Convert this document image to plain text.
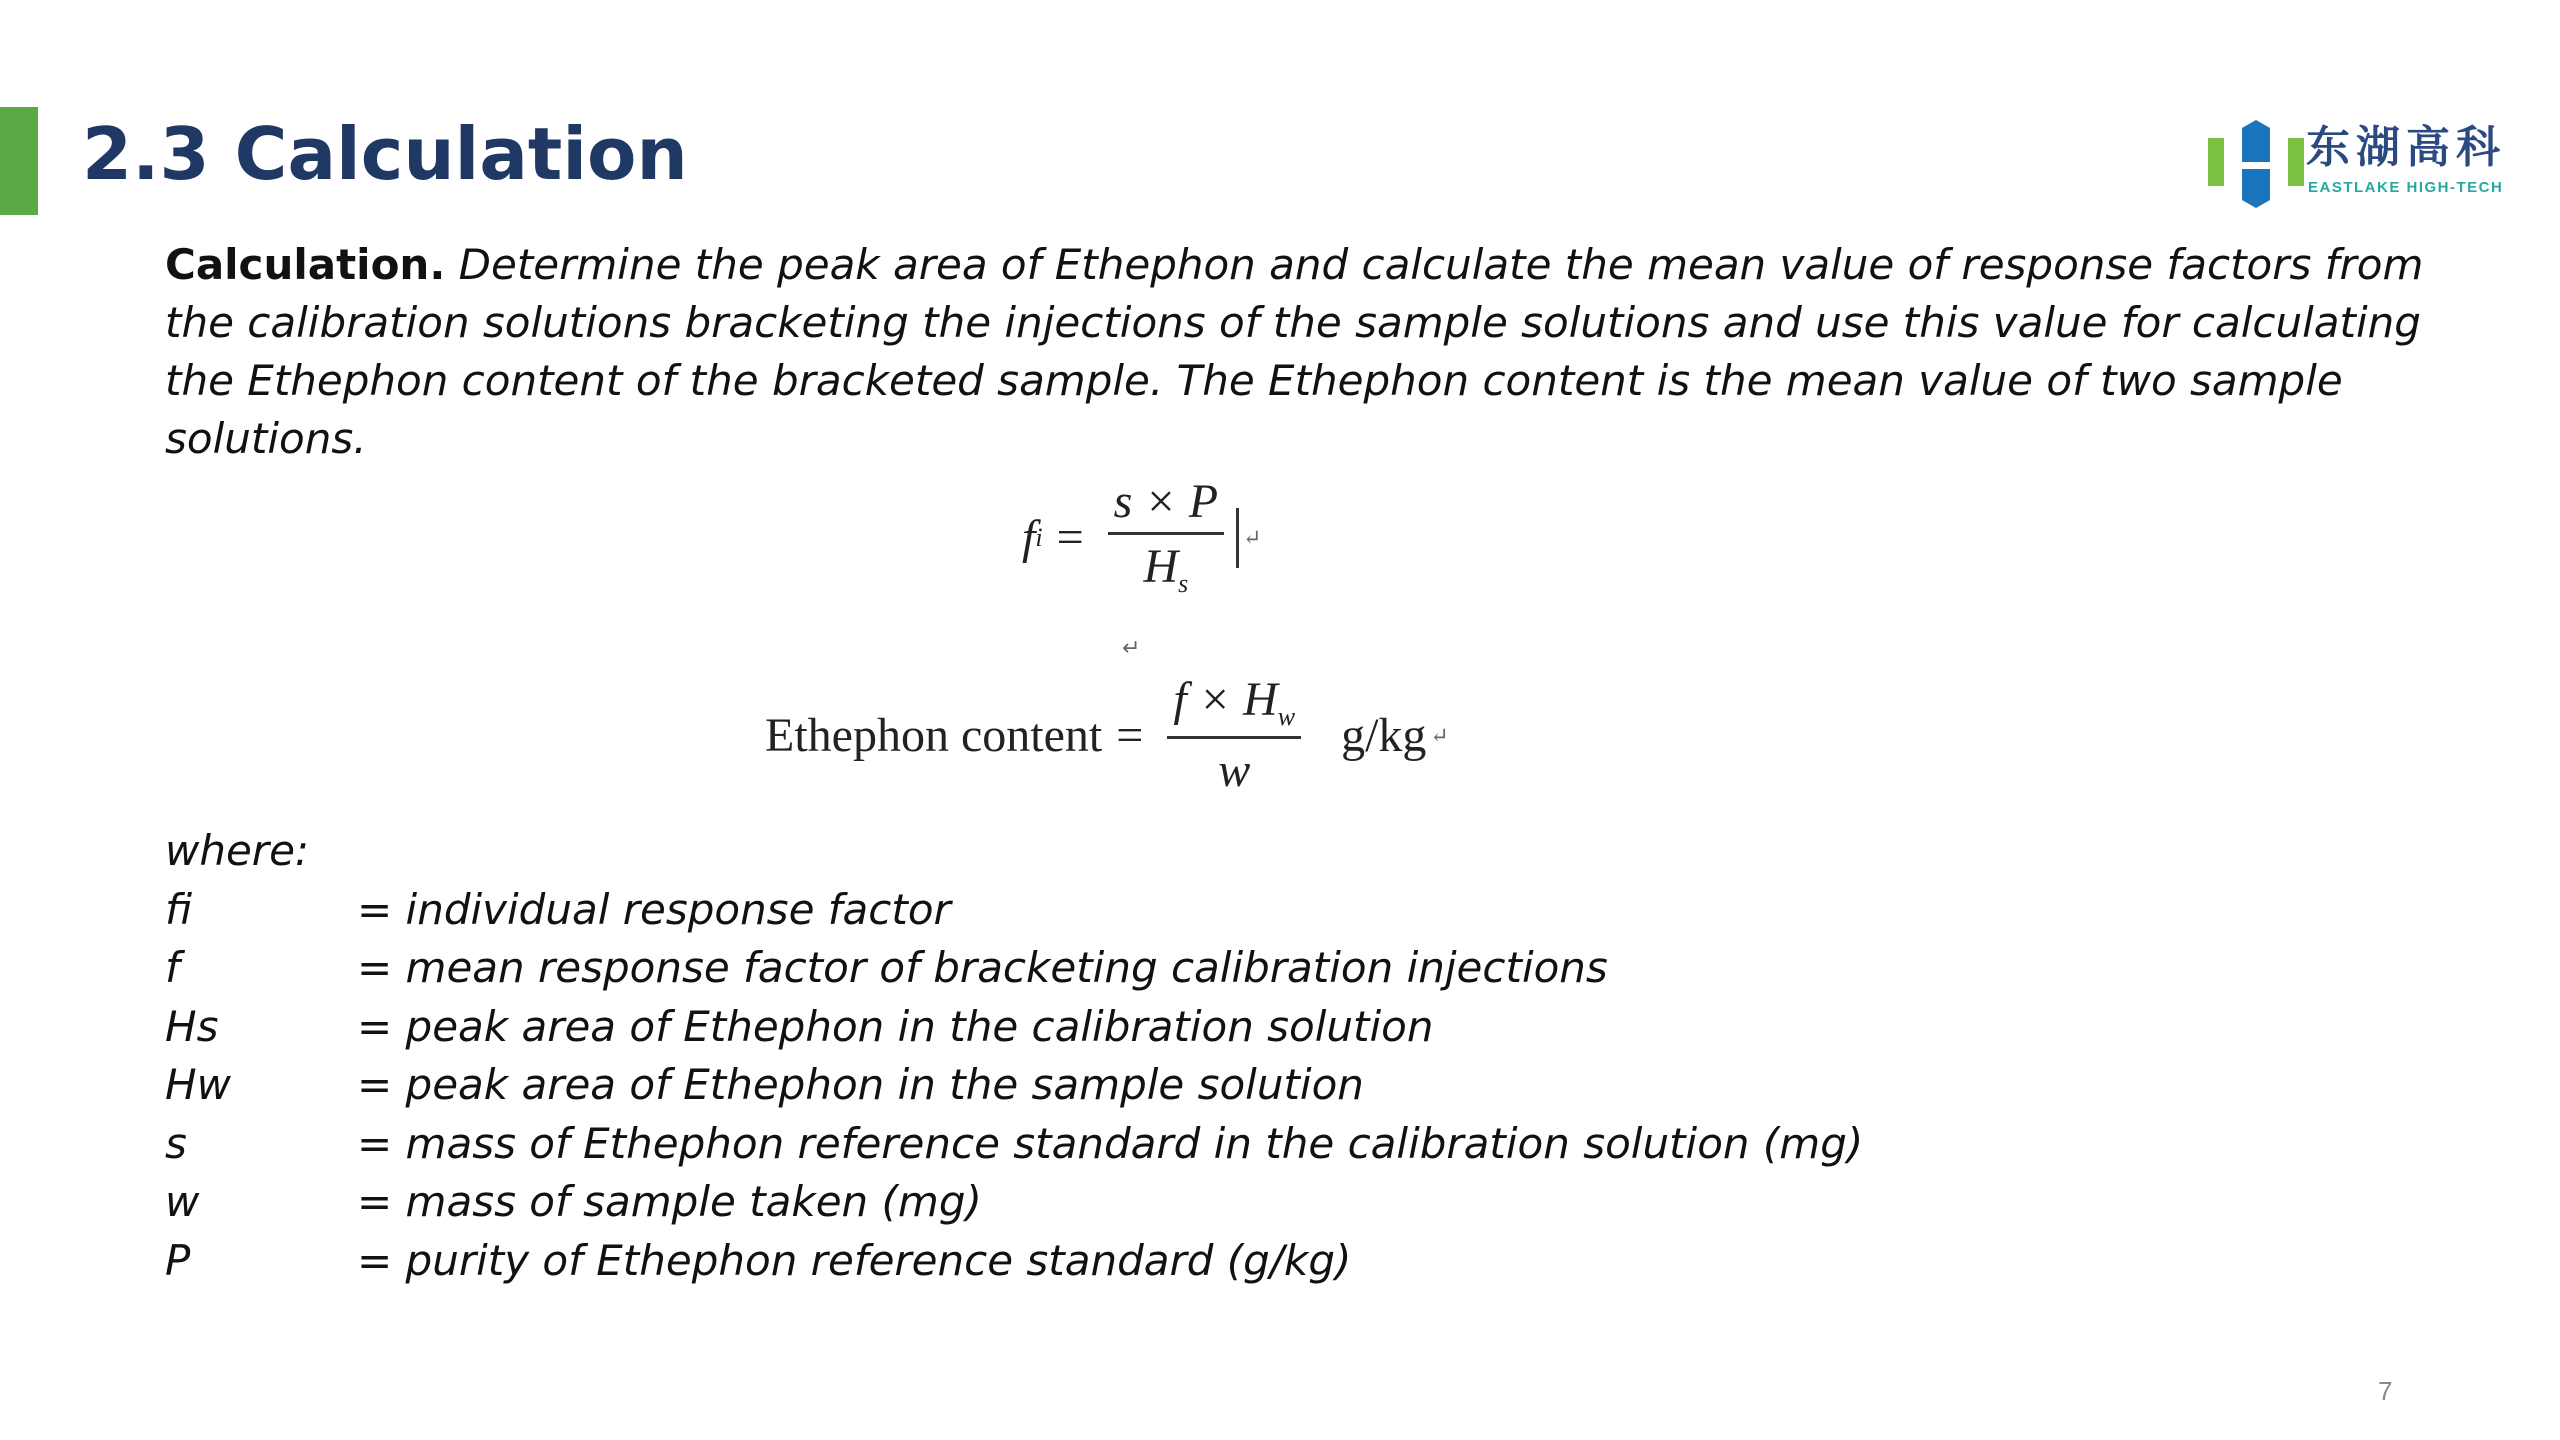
2.3 Calculation	东湖高科
EASTLAKE HIGH-TECH

Calculation. Determine the peak area of Ethephon and calculate the mean value of response factors from the calibration solutions bracketing the injections of the sample solutions and use this value for calculating the Ethephon content of the bracketed sample. The Ethephon content is the mean value of two sample solutions.

f $i = \frac{s \times P}{H_s}$ ↵
↵
Ethephon content = $\frac{f \times H_w}{w} g/kg$ ↵

where:

fi	= individual response factor
f	= mean response factor of bracketing calibration injections
Hs	= peak area of Ethephon in the calibration solution
Hw	= peak area of Ethephon in the sample solution
s	= mass of Ethephon reference standard in the calibration solution (mg)
w	= mass of sample taken (mg)
P	= purity of Ethephon reference standard (g/kg)
7
